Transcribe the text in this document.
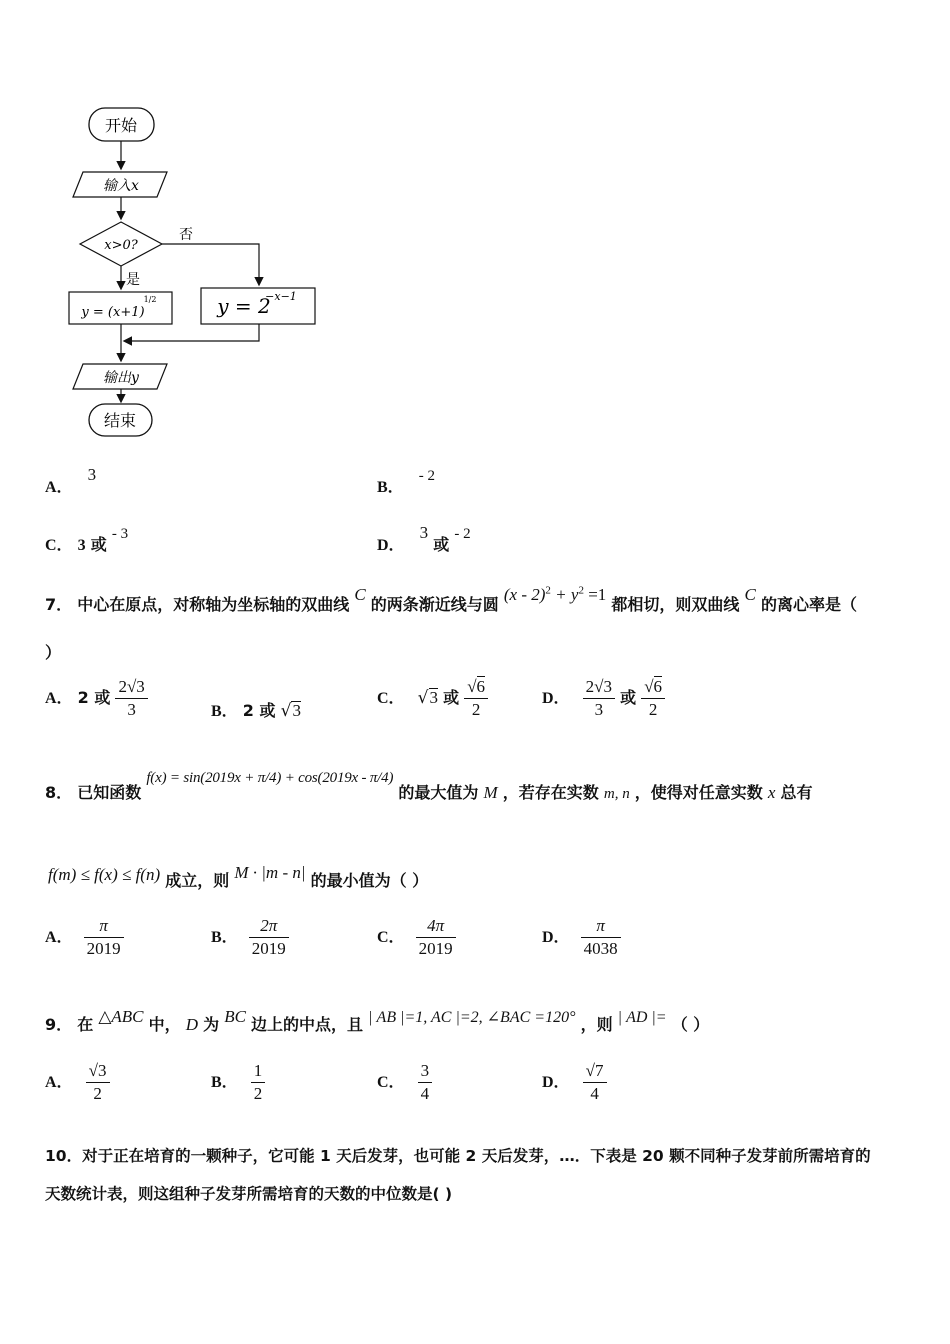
开始
输入x
x>0?
否
是
y = (x+1)
1/2	y = 2
−x−1
输出y
结束
A． 3
B． - 2
C． 3 或 - 3
D． 3 或 - 2
7． 中心在原点，对称轴为坐标轴的双曲线 C 的两条渐近线与圆 $(x - 2)^2 + y^2 =1$ 都相切，则双曲线 C 的离心率是（
）
A． 2 或 $\frac{2√3}{3}$	B． 2 或 √3
C． √3 或 $\frac{√6}{2}$	D． $\frac{2√3}{3}$ 或 $\frac{√6}{2}$
8． 已知函数 f(x) = sin(2019x + π/4) + cos(2019x - π/4) 的最大值为 M ，若存在实数 m, n ，使得对任意实数 x 总有
f(m) ≤ f(x) ≤ f(n) 成立，则 M · |m - n| 的最小值为（ ）
A． $\frac{\pi}{2019}$	B． $\frac{2\pi}{2019}$	C． $\frac{4\pi}{2019}$	D． $\frac{\pi}{4038}$
9． 在 △ABC 中， D 为 BC 边上的中点，且 | AB |=1, AC |=2, ∠BAC =120° ，则 | AD |= （ ）
A． $\frac{√3}{2}$	B． $\frac{1}{2}$	C． $\frac{3}{4}$	D． $\frac{√7}{4}$
10．对于正在培育的一颗种子，它可能 1 天后发芽，也可能 2 天后发芽，…．下表是 20 颗不同种子发芽前所需培育的
天数统计表，则这组种子发芽所需培育的天数的中位数是( )
